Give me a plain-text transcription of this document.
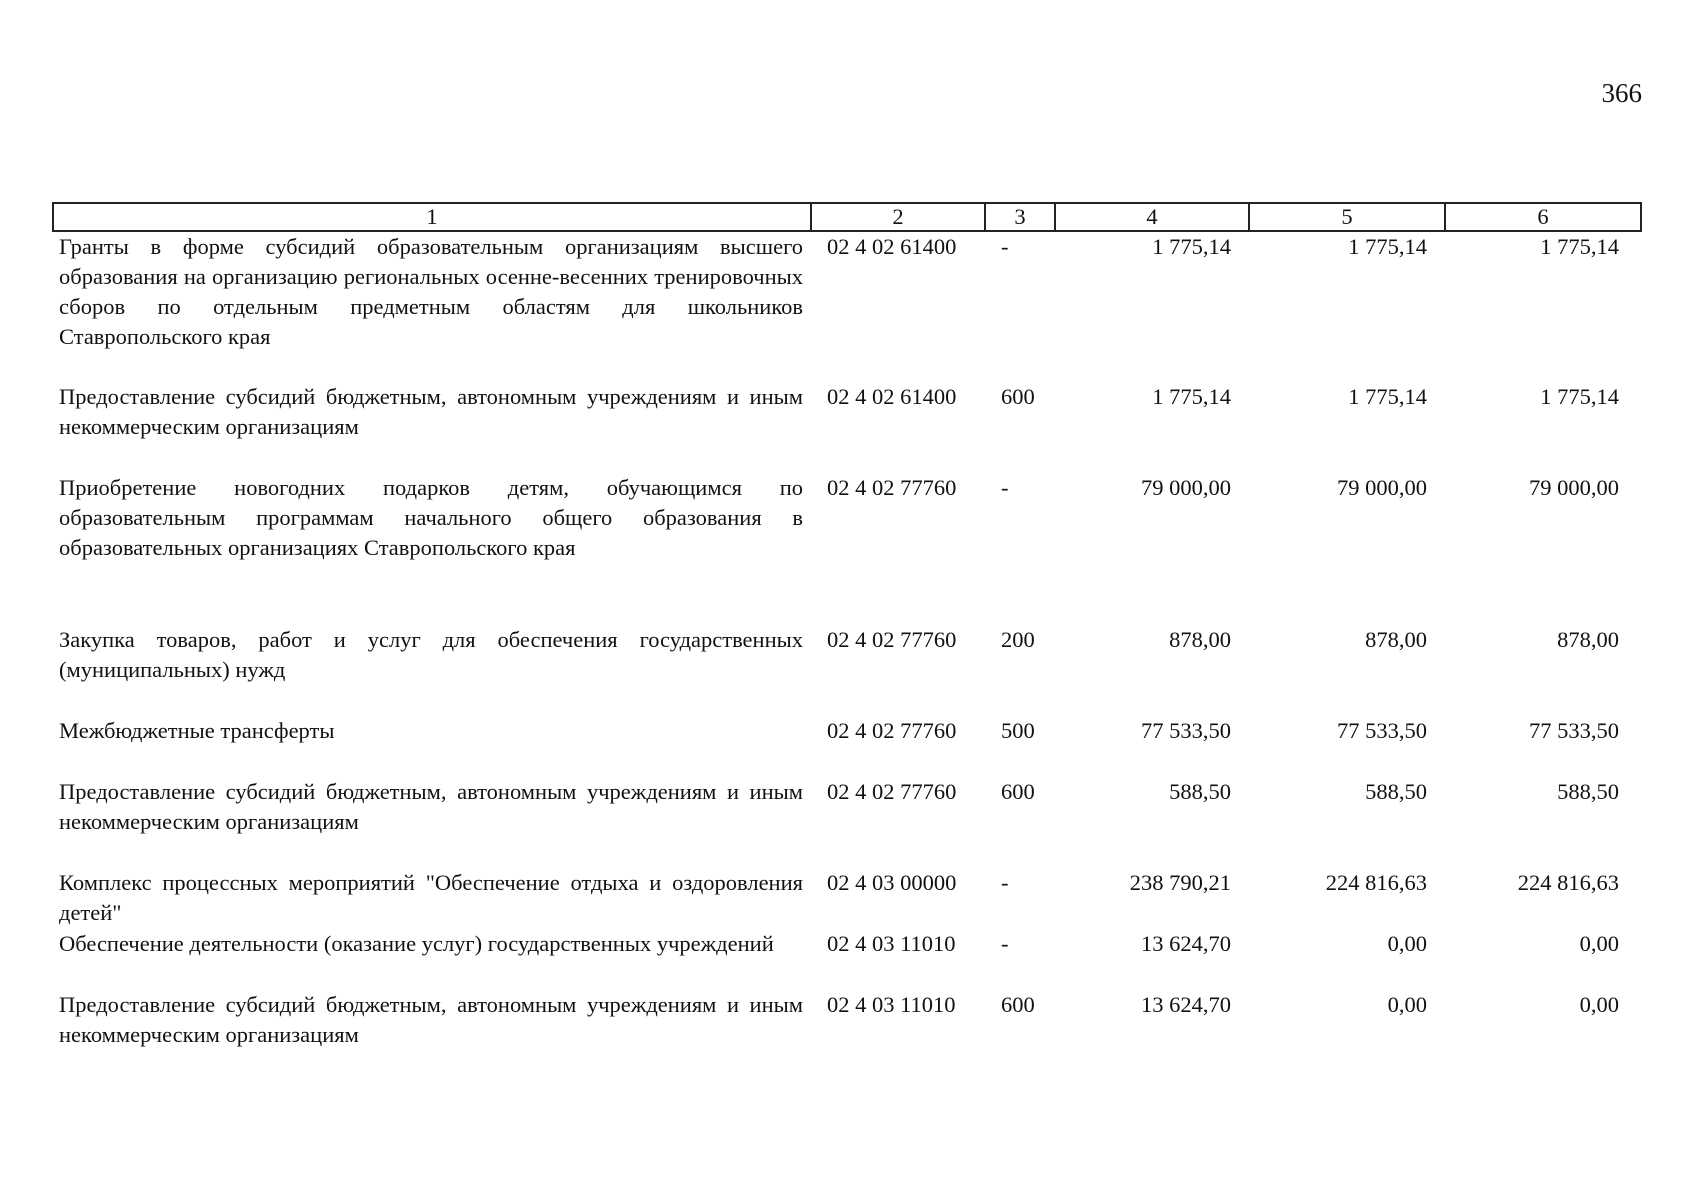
366
1	2	3	4	5	6
Гранты в форме субсидий образовательным организациям высшего образования на организацию региональных осенне-весенних тренировочных сборов по отдельным предметным областям для школьников Ставропольского края	02 4 02 61400	-	1 775,14	1 775,14	1 775,14
Предоставление субсидий бюджетным, автономным учреждениям и иным некоммерческим организациям	02 4 02 61400	600	1 775,14	1 775,14	1 775,14
Приобретение новогодних подарков детям, обучающимся по образовательным программам начального общего образования в образовательных организациях Ставропольского края	02 4 02 77760	-	79 000,00	79 000,00	79 000,00
Закупка товаров, работ и услуг для обеспечения государственных (муниципальных) нужд	02 4 02 77760	200	878,00	878,00	878,00
Межбюджетные трансферты	02 4 02 77760	500	77 533,50	77 533,50	77 533,50
Предоставление субсидий бюджетным, автономным учреждениям и иным некоммерческим организациям	02 4 02 77760	600	588,50	588,50	588,50
Комплекс процессных мероприятий "Обеспечение отдыха и оздоровления детей"	02 4 03 00000	-	238 790,21	224 816,63	224 816,63
Обеспечение деятельности (оказание услуг) государственных учреждений	02 4 03 11010	-	13 624,70	0,00	0,00
Предоставление субсидий бюджетным, автономным учреждениям и иным некоммерческим организациям	02 4 03 11010	600	13 624,70	0,00	0,00
